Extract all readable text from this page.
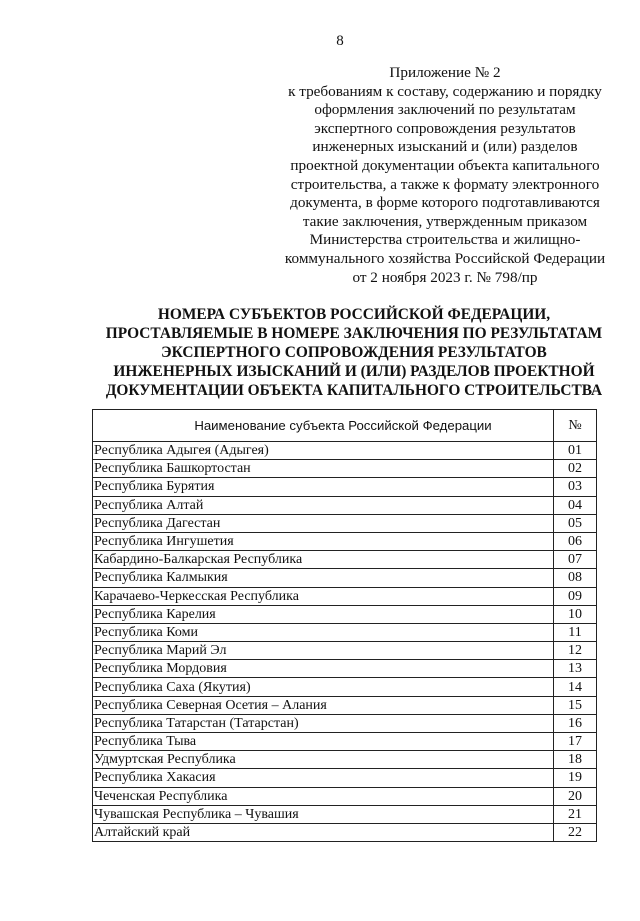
8
Приложение № 2
к требованиям к составу, содержанию и порядку
оформления заключений по результатам
экспертного сопровождения результатов
инженерных изысканий и (или) разделов
проектной документации объекта капитального
строительства, а также к формату электронного
документа, в форме которого подготавливаются
такие заключения, утвержденным приказом
Министерства строительства и жилищно-
коммунального хозяйства Российской Федерации
от 2 ноября 2023 г. № 798/пр
НОМЕРА СУБЪЕКТОВ РОССИЙСКОЙ ФЕДЕРАЦИИ,
ПРОСТАВЛЯЕМЫЕ В НОМЕРЕ ЗАКЛЮЧЕНИЯ ПО РЕЗУЛЬТАТАМ
ЭКСПЕРТНОГО СОПРОВОЖДЕНИЯ РЕЗУЛЬТАТОВ
ИНЖЕНЕРНЫХ ИЗЫСКАНИЙ И (ИЛИ) РАЗДЕЛОВ ПРОЕКТНОЙ
ДОКУМЕНТАЦИИ ОБЪЕКТА КАПИТАЛЬНОГО СТРОИТЕЛЬСТВА
Наименование субъекта Российской Федерации	№
Республика Адыгея (Адыгея)	01
Республика Башкортостан	02
Республика Бурятия	03
Республика Алтай	04
Республика Дагестан	05
Республика Ингушетия	06
Кабардино-Балкарская Республика	07
Республика Калмыкия	08
Карачаево-Черкесская Республика	09
Республика Карелия	10
Республика Коми	11
Республика Марий Эл	12
Республика Мордовия	13
Республика Саха (Якутия)	14
Республика Северная Осетия – Алания	15
Республика Татарстан (Татарстан)	16
Республика Тыва	17
Удмуртская Республика	18
Республика Хакасия	19
Чеченская Республика	20
Чувашская Республика – Чувашия	21
Алтайский край	22
